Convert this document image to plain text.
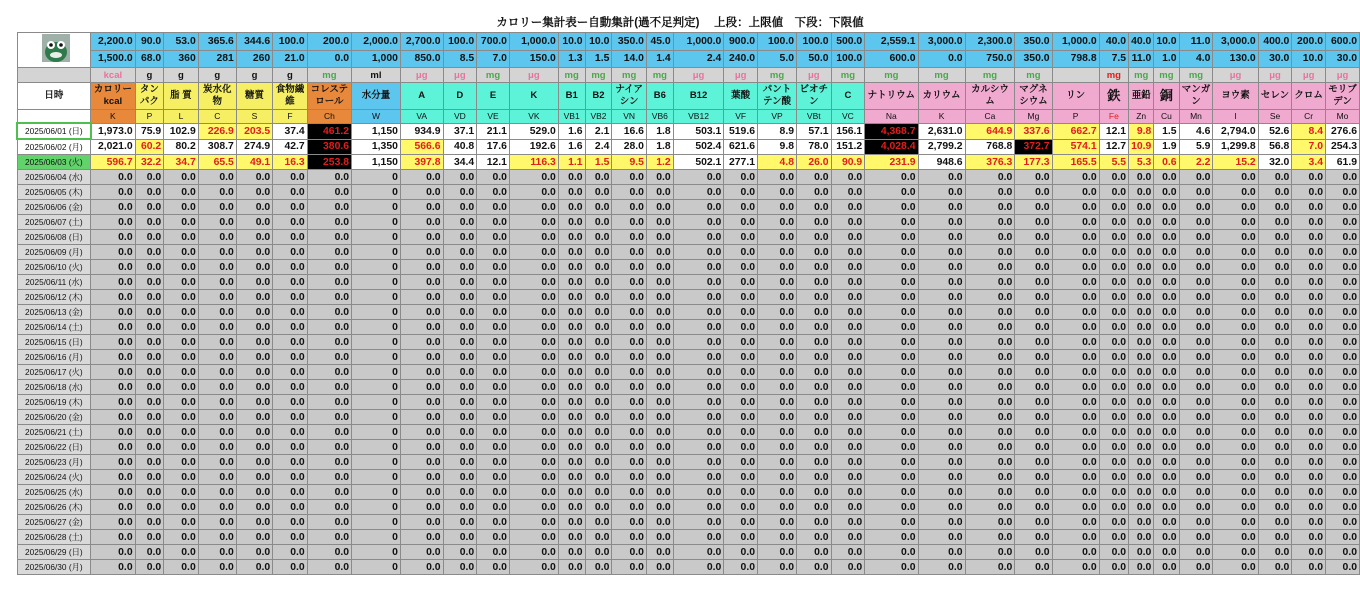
カロリー集計表ー自動集計(過不足判定)　 上段：上限値　下段：下限値
	2,200.0	90.0	53.0	365.6	344.6	100.0	200.0	2,000.0	2,700.0	100.0	700.0	1,000.0	10.0	10.0	350.0	45.0	1,000.0	900.0	100.0	100.0	500.0	2,559.1	3,000.0	2,300.0	350.0	1,000.0	40.0	40.0	10.0	11.0	3,000.0	400.0	200.0	600.0
	1,500.0	68.0	360	281	260	21.0	0.0	1,000	850.0	8.5	7.0	150.0	1.3	1.5	14.0	1.4	2.4	240.0	5.0	50.0	100.0	600.0	0.0	750.0	350.0	798.8	7.5	11.0	1.0	4.0	130.0	30.0	10.0	30.0
	kcal	g	g	g	g	g	mg	ml	μg	μg	mg	μg	mg	mg	mg	mg	μg	μg	mg	μg	mg	mg	mg	mg	mg		mg	mg	mg	mg	μg	μg	μg	μg
日時	カロリーkcal	タンパク	脂 質	炭水化物	糖質	食物繊維	コレステロール	水分量	A	D	E	K	B1	B2	ナイアシン	B6	B12	葉酸	パントテン酸	ビオチン	C	ナトリウム	カリウム	カルシウム	マグネシウム	リン	鉄	亜鉛	銅	マンガン	ヨウ素	セレン	クロム	モリブデン
	K	P	L	C	S	F	Ch	W	VA	VD	VE	VK	VB1	VB2	VN	VB6	VB12	VF	VP	VBt	VC	Na	K	Ca	Mg	P	Fe	Zn	Cu	Mn	I	Se	Cr	Mo
2025/06/01 (日)	1,973.0	75.9	102.9	226.9	203.5	37.4	461.2	1,150	934.9	37.1	21.1	529.0	1.6	2.1	16.6	1.8	503.1	519.6	8.9	57.1	156.1	4,368.7	2,631.0	644.9	337.6	662.7	12.1	9.8	1.5	4.6	2,794.0	52.6	8.4	276.6
2025/06/02 (月)	2,021.0	60.2	80.2	308.7	274.9	42.7	380.6	1,350	566.6	40.8	17.6	192.6	1.6	2.4	28.0	1.8	502.4	621.6	9.8	78.0	151.2	4,028.4	2,799.2	768.8	372.7	574.1	12.7	10.9	1.9	5.9	1,299.8	56.8	7.0	254.3
2025/06/03 (火)	596.7	32.2	34.7	65.5	49.1	16.3	253.8	1,150	397.8	34.4	12.1	116.3	1.1	1.5	9.5	1.2	502.1	277.1	4.8	26.0	90.9	231.9	948.6	376.3	177.3	165.5	5.5	5.3	0.6	2.2	15.2	32.0	3.4	61.9
2025/06/04 (水)	0.0	0.0	0.0	0.0	0.0	0.0	0.0	0	0.0	0.0	0.0	0.0	0.0	0.0	0.0	0.0	0.0	0.0	0.0	0.0	0.0	0.0	0.0	0.0	0.0	0.0	0.0	0.0	0.0	0.0	0.0	0.0	0.0	0.0
2025/06/05 (木)	0.0	0.0	0.0	0.0	0.0	0.0	0.0	0	0.0	0.0	0.0	0.0	0.0	0.0	0.0	0.0	0.0	0.0	0.0	0.0	0.0	0.0	0.0	0.0	0.0	0.0	0.0	0.0	0.0	0.0	0.0	0.0	0.0	0.0
2025/06/06 (金)	0.0	0.0	0.0	0.0	0.0	0.0	0.0	0	0.0	0.0	0.0	0.0	0.0	0.0	0.0	0.0	0.0	0.0	0.0	0.0	0.0	0.0	0.0	0.0	0.0	0.0	0.0	0.0	0.0	0.0	0.0	0.0	0.0	0.0
2025/06/07 (土)	0.0	0.0	0.0	0.0	0.0	0.0	0.0	0	0.0	0.0	0.0	0.0	0.0	0.0	0.0	0.0	0.0	0.0	0.0	0.0	0.0	0.0	0.0	0.0	0.0	0.0	0.0	0.0	0.0	0.0	0.0	0.0	0.0	0.0
2025/06/08 (日)	0.0	0.0	0.0	0.0	0.0	0.0	0.0	0	0.0	0.0	0.0	0.0	0.0	0.0	0.0	0.0	0.0	0.0	0.0	0.0	0.0	0.0	0.0	0.0	0.0	0.0	0.0	0.0	0.0	0.0	0.0	0.0	0.0	0.0
2025/06/09 (月)	0.0	0.0	0.0	0.0	0.0	0.0	0.0	0	0.0	0.0	0.0	0.0	0.0	0.0	0.0	0.0	0.0	0.0	0.0	0.0	0.0	0.0	0.0	0.0	0.0	0.0	0.0	0.0	0.0	0.0	0.0	0.0	0.0	0.0
2025/06/10 (火)	0.0	0.0	0.0	0.0	0.0	0.0	0.0	0	0.0	0.0	0.0	0.0	0.0	0.0	0.0	0.0	0.0	0.0	0.0	0.0	0.0	0.0	0.0	0.0	0.0	0.0	0.0	0.0	0.0	0.0	0.0	0.0	0.0	0.0
2025/06/11 (水)	0.0	0.0	0.0	0.0	0.0	0.0	0.0	0	0.0	0.0	0.0	0.0	0.0	0.0	0.0	0.0	0.0	0.0	0.0	0.0	0.0	0.0	0.0	0.0	0.0	0.0	0.0	0.0	0.0	0.0	0.0	0.0	0.0	0.0
2025/06/12 (木)	0.0	0.0	0.0	0.0	0.0	0.0	0.0	0	0.0	0.0	0.0	0.0	0.0	0.0	0.0	0.0	0.0	0.0	0.0	0.0	0.0	0.0	0.0	0.0	0.0	0.0	0.0	0.0	0.0	0.0	0.0	0.0	0.0	0.0
2025/06/13 (金)	0.0	0.0	0.0	0.0	0.0	0.0	0.0	0	0.0	0.0	0.0	0.0	0.0	0.0	0.0	0.0	0.0	0.0	0.0	0.0	0.0	0.0	0.0	0.0	0.0	0.0	0.0	0.0	0.0	0.0	0.0	0.0	0.0	0.0
2025/06/14 (土)	0.0	0.0	0.0	0.0	0.0	0.0	0.0	0	0.0	0.0	0.0	0.0	0.0	0.0	0.0	0.0	0.0	0.0	0.0	0.0	0.0	0.0	0.0	0.0	0.0	0.0	0.0	0.0	0.0	0.0	0.0	0.0	0.0	0.0
2025/06/15 (日)	0.0	0.0	0.0	0.0	0.0	0.0	0.0	0	0.0	0.0	0.0	0.0	0.0	0.0	0.0	0.0	0.0	0.0	0.0	0.0	0.0	0.0	0.0	0.0	0.0	0.0	0.0	0.0	0.0	0.0	0.0	0.0	0.0	0.0
2025/06/16 (月)	0.0	0.0	0.0	0.0	0.0	0.0	0.0	0	0.0	0.0	0.0	0.0	0.0	0.0	0.0	0.0	0.0	0.0	0.0	0.0	0.0	0.0	0.0	0.0	0.0	0.0	0.0	0.0	0.0	0.0	0.0	0.0	0.0	0.0
2025/06/17 (火)	0.0	0.0	0.0	0.0	0.0	0.0	0.0	0	0.0	0.0	0.0	0.0	0.0	0.0	0.0	0.0	0.0	0.0	0.0	0.0	0.0	0.0	0.0	0.0	0.0	0.0	0.0	0.0	0.0	0.0	0.0	0.0	0.0	0.0
2025/06/18 (水)	0.0	0.0	0.0	0.0	0.0	0.0	0.0	0	0.0	0.0	0.0	0.0	0.0	0.0	0.0	0.0	0.0	0.0	0.0	0.0	0.0	0.0	0.0	0.0	0.0	0.0	0.0	0.0	0.0	0.0	0.0	0.0	0.0	0.0
2025/06/19 (木)	0.0	0.0	0.0	0.0	0.0	0.0	0.0	0	0.0	0.0	0.0	0.0	0.0	0.0	0.0	0.0	0.0	0.0	0.0	0.0	0.0	0.0	0.0	0.0	0.0	0.0	0.0	0.0	0.0	0.0	0.0	0.0	0.0	0.0
2025/06/20 (金)	0.0	0.0	0.0	0.0	0.0	0.0	0.0	0	0.0	0.0	0.0	0.0	0.0	0.0	0.0	0.0	0.0	0.0	0.0	0.0	0.0	0.0	0.0	0.0	0.0	0.0	0.0	0.0	0.0	0.0	0.0	0.0	0.0	0.0
2025/06/21 (土)	0.0	0.0	0.0	0.0	0.0	0.0	0.0	0	0.0	0.0	0.0	0.0	0.0	0.0	0.0	0.0	0.0	0.0	0.0	0.0	0.0	0.0	0.0	0.0	0.0	0.0	0.0	0.0	0.0	0.0	0.0	0.0	0.0	0.0
2025/06/22 (日)	0.0	0.0	0.0	0.0	0.0	0.0	0.0	0	0.0	0.0	0.0	0.0	0.0	0.0	0.0	0.0	0.0	0.0	0.0	0.0	0.0	0.0	0.0	0.0	0.0	0.0	0.0	0.0	0.0	0.0	0.0	0.0	0.0	0.0
2025/06/23 (月)	0.0	0.0	0.0	0.0	0.0	0.0	0.0	0	0.0	0.0	0.0	0.0	0.0	0.0	0.0	0.0	0.0	0.0	0.0	0.0	0.0	0.0	0.0	0.0	0.0	0.0	0.0	0.0	0.0	0.0	0.0	0.0	0.0	0.0
2025/06/24 (火)	0.0	0.0	0.0	0.0	0.0	0.0	0.0	0	0.0	0.0	0.0	0.0	0.0	0.0	0.0	0.0	0.0	0.0	0.0	0.0	0.0	0.0	0.0	0.0	0.0	0.0	0.0	0.0	0.0	0.0	0.0	0.0	0.0	0.0
2025/06/25 (水)	0.0	0.0	0.0	0.0	0.0	0.0	0.0	0	0.0	0.0	0.0	0.0	0.0	0.0	0.0	0.0	0.0	0.0	0.0	0.0	0.0	0.0	0.0	0.0	0.0	0.0	0.0	0.0	0.0	0.0	0.0	0.0	0.0	0.0
2025/06/26 (木)	0.0	0.0	0.0	0.0	0.0	0.0	0.0	0	0.0	0.0	0.0	0.0	0.0	0.0	0.0	0.0	0.0	0.0	0.0	0.0	0.0	0.0	0.0	0.0	0.0	0.0	0.0	0.0	0.0	0.0	0.0	0.0	0.0	0.0
2025/06/27 (金)	0.0	0.0	0.0	0.0	0.0	0.0	0.0	0	0.0	0.0	0.0	0.0	0.0	0.0	0.0	0.0	0.0	0.0	0.0	0.0	0.0	0.0	0.0	0.0	0.0	0.0	0.0	0.0	0.0	0.0	0.0	0.0	0.0	0.0
2025/06/28 (土)	0.0	0.0	0.0	0.0	0.0	0.0	0.0	0	0.0	0.0	0.0	0.0	0.0	0.0	0.0	0.0	0.0	0.0	0.0	0.0	0.0	0.0	0.0	0.0	0.0	0.0	0.0	0.0	0.0	0.0	0.0	0.0	0.0	0.0
2025/06/29 (日)	0.0	0.0	0.0	0.0	0.0	0.0	0.0	0	0.0	0.0	0.0	0.0	0.0	0.0	0.0	0.0	0.0	0.0	0.0	0.0	0.0	0.0	0.0	0.0	0.0	0.0	0.0	0.0	0.0	0.0	0.0	0.0	0.0	0.0
2025/06/30 (月)	0.0	0.0	0.0	0.0	0.0	0.0	0.0	0	0.0	0.0	0.0	0.0	0.0	0.0	0.0	0.0	0.0	0.0	0.0	0.0	0.0	0.0	0.0	0.0	0.0	0.0	0.0	0.0	0.0	0.0	0.0	0.0	0.0	0.0
